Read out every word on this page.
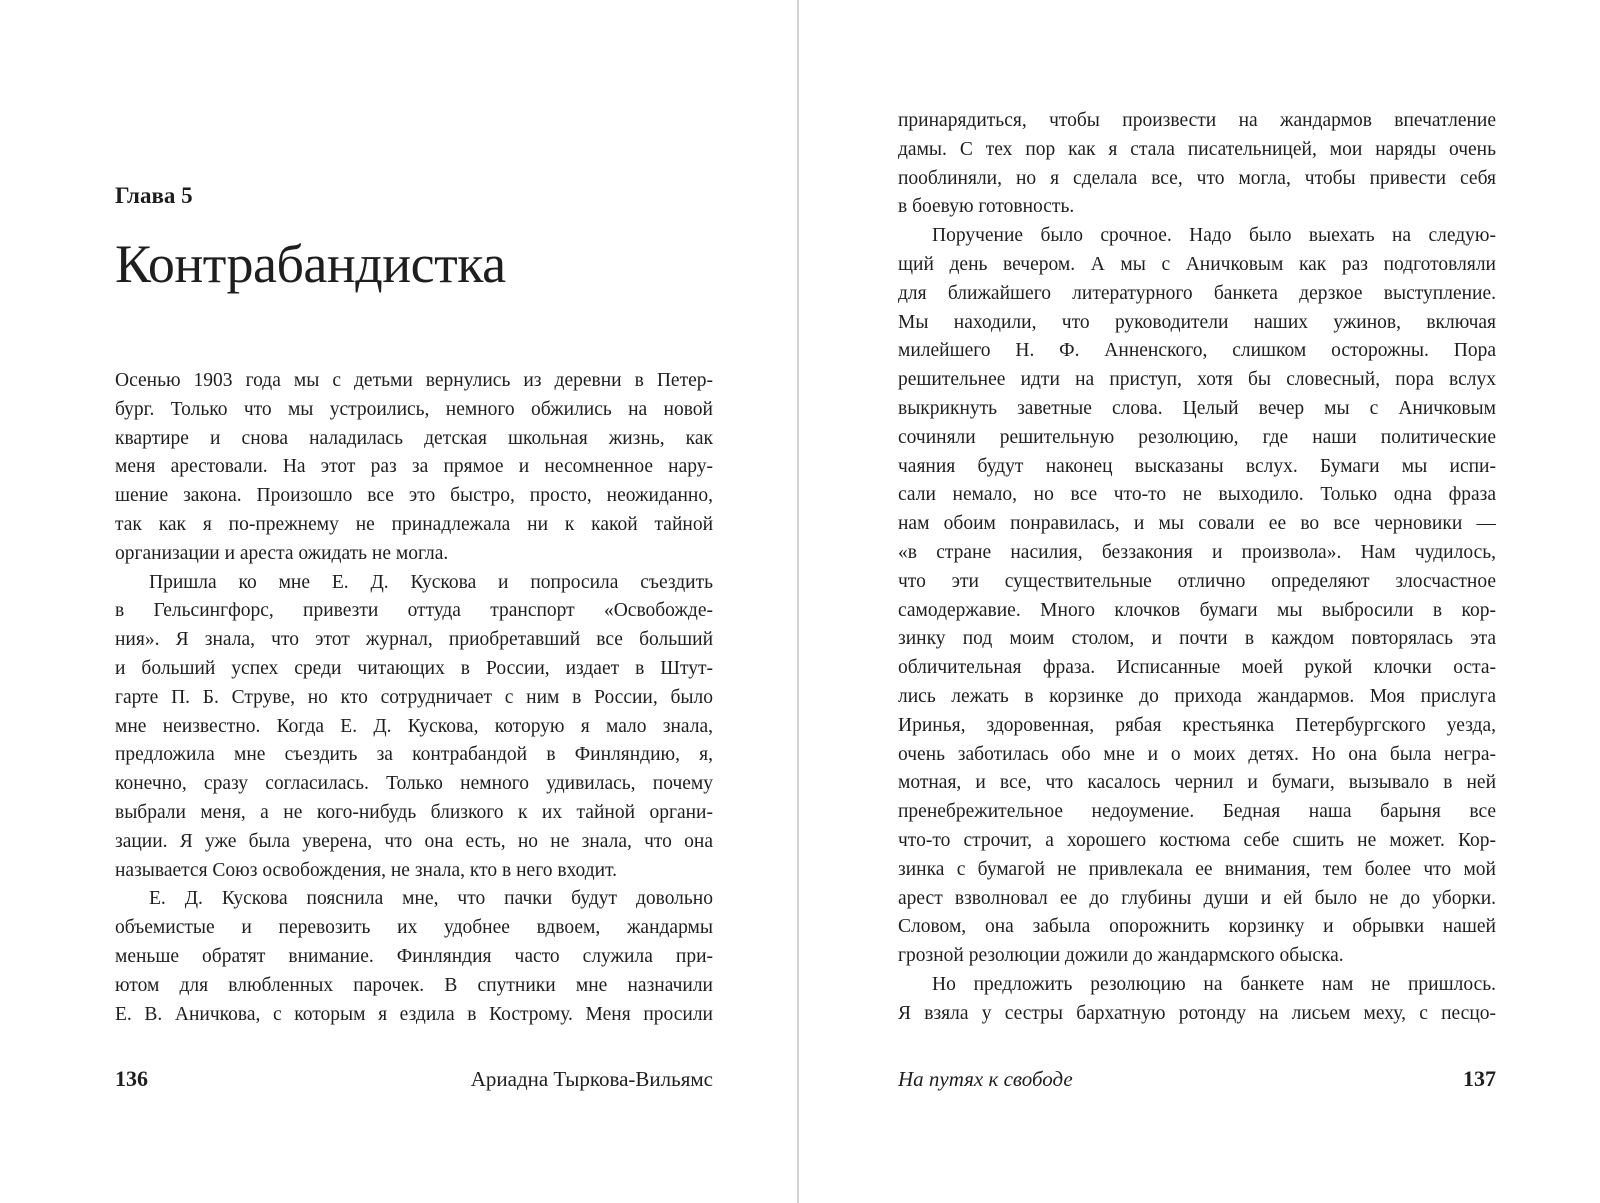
Глава 5
Контрабандистка
Осенью 1903 года мы с детьми вернулись из деревни в Петер-
бург. Только что мы устроились, немного обжились на новой
квартире и снова наладилась детская школьная жизнь, как
меня арестовали. На этот раз за прямое и несомненное нару-
шение закона. Произошло все это быстро, просто, неожиданно,
так как я по-прежнему не принадлежала ни к какой тайной
организации и ареста ожидать не могла.
Пришла ко мне Е. Д. Кускова и попросила съездить
в Гельсингфорс, привезти оттуда транспорт «Освобожде-
ния». Я знала, что этот журнал, приобретавший все больший
и больший успех среди читающих в России, издает в Штут-
гарте П. Б. Струве, но кто сотрудничает с ним в России, было
мне неизвестно. Когда Е. Д. Кускова, которую я мало знала,
предложила мне съездить за контрабандой в Финляндию, я,
конечно, сразу согласилась. Только немного удивилась, почему
выбрали меня, а не кого-нибудь близкого к их тайной органи-
зации. Я уже была уверена, что она есть, но не знала, что она
называется Союз освобождения, не знала, кто в него входит.
Е. Д. Кускова пояснила мне, что пачки будут довольно
объемистые и перевозить их удобнее вдвоем, жандармы
меньше обратят внимание. Финляндия часто служила при-
ютом для влюбленных парочек. В спутники мне назначили
Е. В. Аничкова, с которым я ездила в Кострому. Меня просили
136	Ариадна Тыркова-Вильямс
принарядиться, чтобы произвести на жандармов впечатление
дамы. С тех пор как я стала писательницей, мои наряды очень
пооблиняли, но я сделала все, что могла, чтобы привести себя
в боевую готовность.
Поручение было срочное. Надо было выехать на следую-
щий день вечером. А мы с Аничковым как раз подготовляли
для ближайшего литературного банкета дерзкое выступление.
Мы находили, что руководители наших ужинов, включая
милейшего Н. Ф. Анненского, слишком осторожны. Пора
решительнее идти на приступ, хотя бы словесный, пора вслух
выкрикнуть заветные слова. Целый вечер мы с Аничковым
сочиняли решительную резолюцию, где наши политические
чаяния будут наконец высказаны вслух. Бумаги мы испи-
сали немало, но все что-то не выходило. Только одна фраза
нам обоим понравилась, и мы совали ее во все черновики —
«в стране насилия, беззакония и произвола». Нам чудилось,
что эти существительные отлично определяют злосчастное
самодержавие. Много клочков бумаги мы выбросили в кор-
зинку под моим столом, и почти в каждом повторялась эта
обличительная фраза. Исписанные моей рукой клочки оста-
лись лежать в корзинке до прихода жандармов. Моя прислуга
Иринья, здоровенная, рябая крестьянка Петербургского уезда,
очень заботилась обо мне и о моих детях. Но она была негра-
мотная, и все, что касалось чернил и бумаги, вызывало в ней
пренебрежительное недоумение. Бедная наша барыня все
что-то строчит, а хорошего костюма себе сшить не может. Кор-
зинка с бумагой не привлекала ее внимания, тем более что мой
арест взволновал ее до глубины души и ей было не до уборки.
Словом, она забыла опорожнить корзинку и обрывки нашей
грозной резолюции дожили до жандармского обыска.
Но предложить резолюцию на банкете нам не пришлось.
Я взяла у сестры бархатную ротонду на лисьем меху, с песцо-
На путях к свободе	137
